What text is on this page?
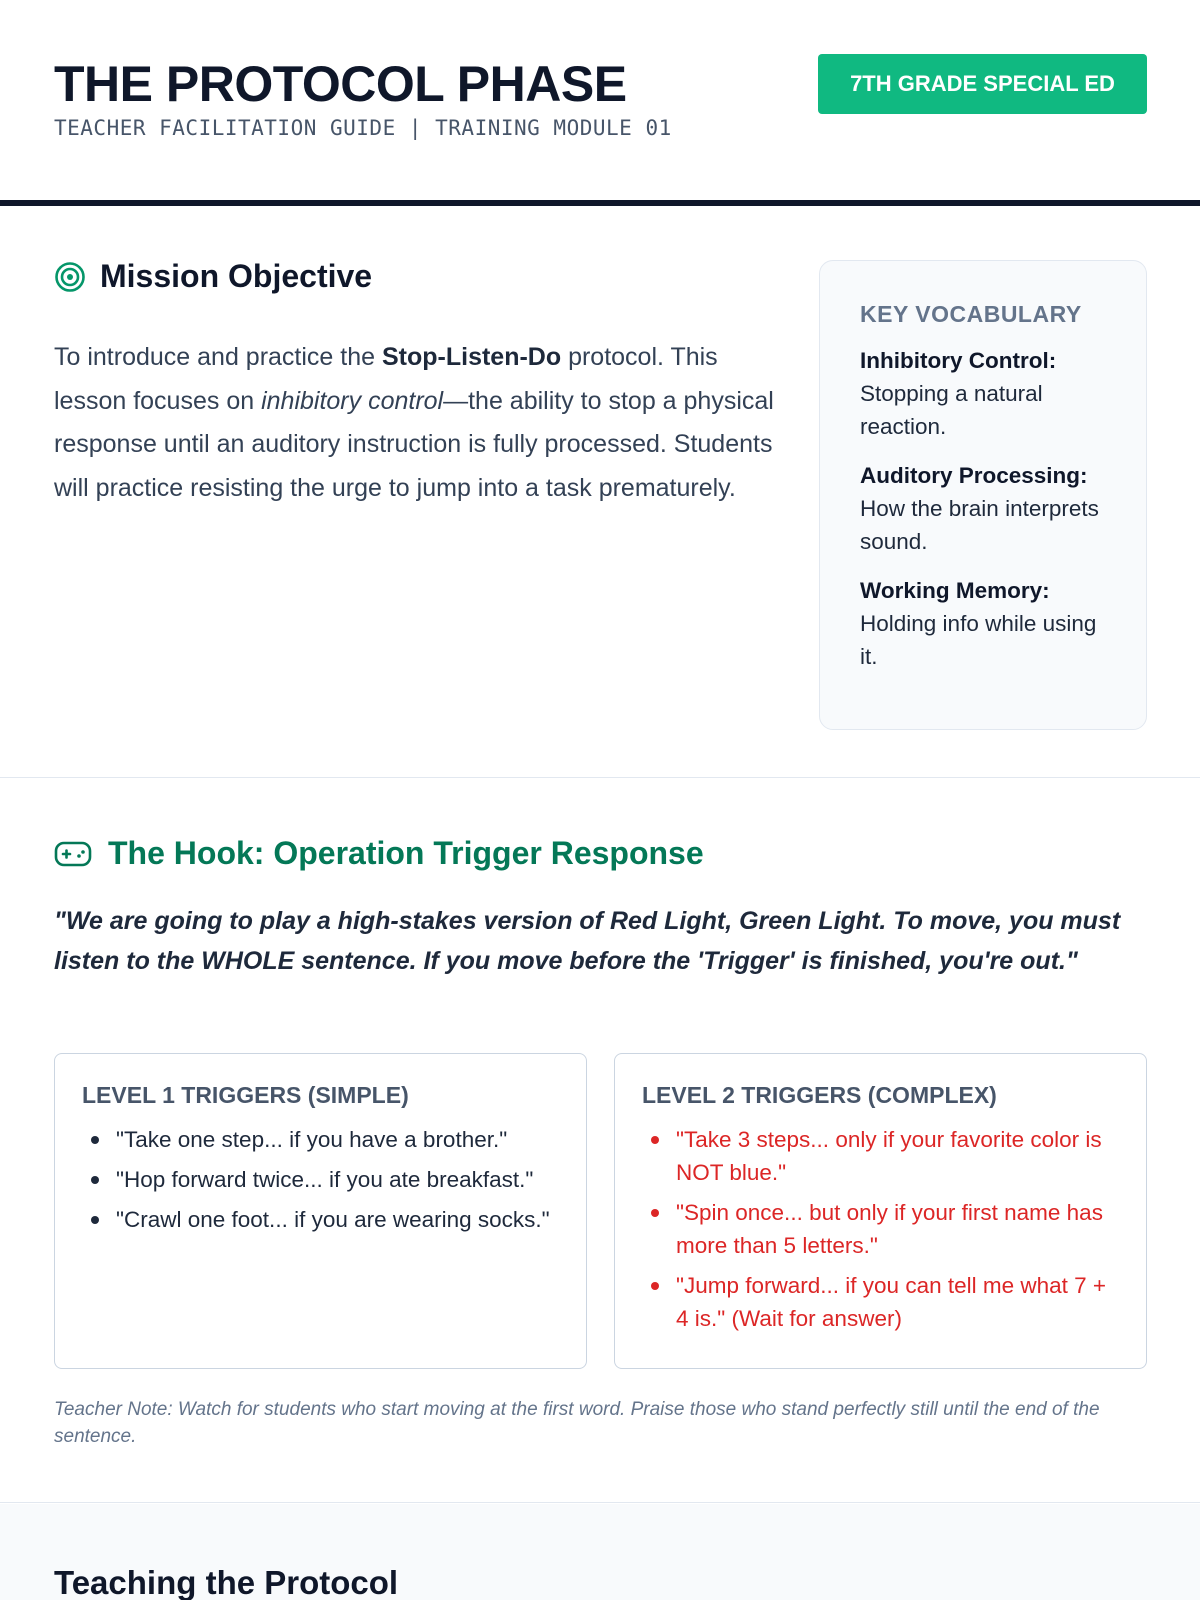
THE PROTOCOL PHASE
TEACHER FACILITATION GUIDE | TRAINING MODULE 01
7TH GRADE SPECIAL ED
Mission Objective

To introduce and practice the Stop-Listen-Do protocol. This lesson focuses on inhibitory control—the ability to stop a physical response until an auditory instruction is fully processed. Students will practice resisting the urge to jump into a task prematurely.

KEY VOCABULARY
Inhibitory Control:
Stopping a natural reaction.
Auditory Processing:
How the brain interprets sound.
Working Memory:
Holding info while using it.
The Hook: Operation Trigger Response

"We are going to play a high-stakes version of Red Light, Green Light. To move, you must listen to the WHOLE sentence. If you move before the 'Trigger' is finished, you're out."

LEVEL 1 TRIGGERS (SIMPLE)
"Take one step... if you have a brother."
"Hop forward twice... if you ate breakfast."
"Crawl one foot... if you are wearing socks."
LEVEL 2 TRIGGERS (COMPLEX)
"Take 3 steps... only if your favorite color is NOT blue."
"Spin once... but only if your first name has more than 5 letters."
"Jump forward... if you can tell me what 7 + 4 is." (Wait for answer)

Teacher Note: Watch for students who start moving at the first word. Praise those who stand perfectly still until the end of the sentence.

Teaching the Protocol
